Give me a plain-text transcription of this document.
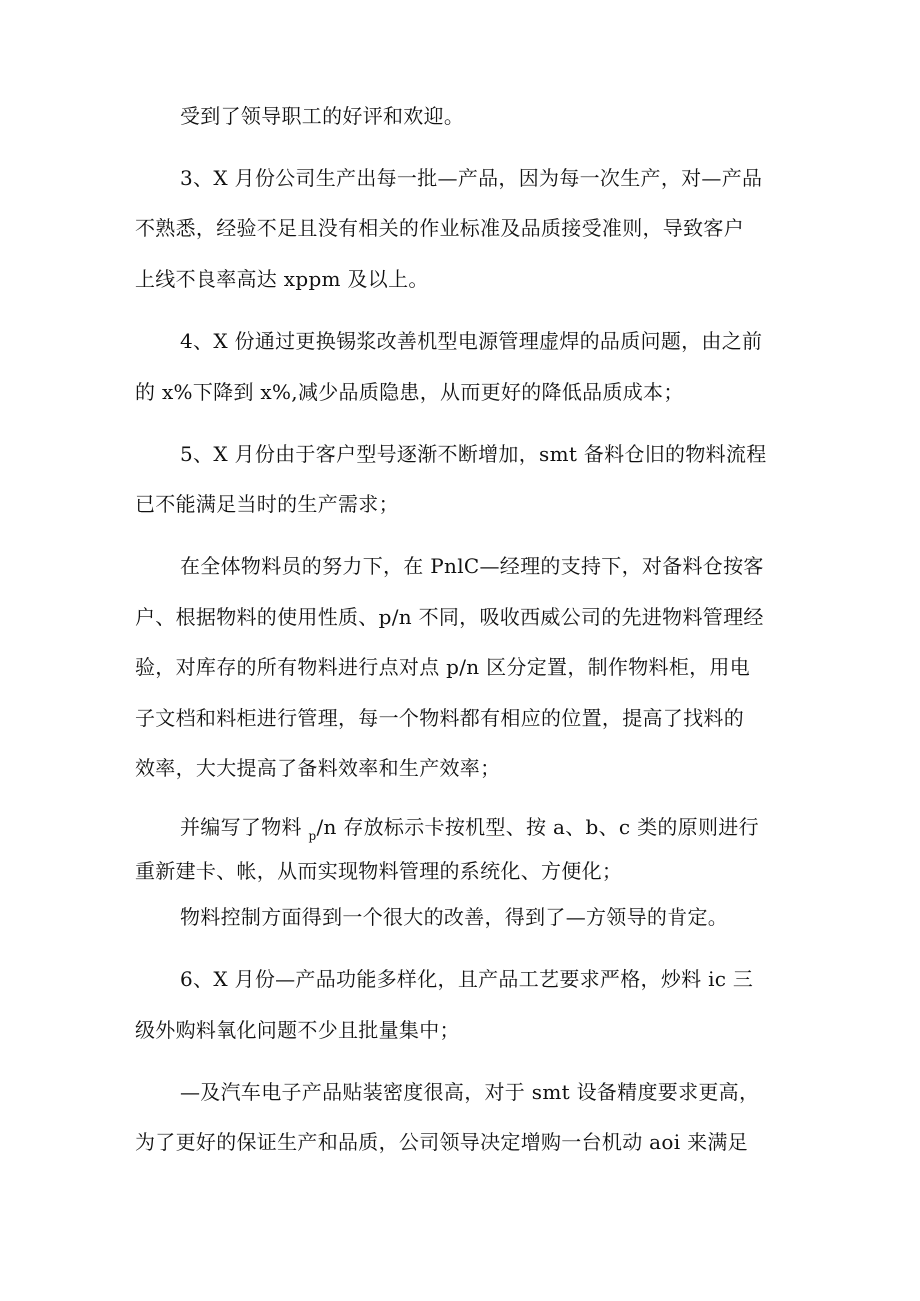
受到了领导职工的好评和欢迎。
3、X 月份公司生产出每一批—产品，因为每一次生产，对—产品
不熟悉，经验不足且没有相关的作业标准及品质接受准则，导致客户
上线不良率高达 xppm 及以上。
4、X 份通过更换锡浆改善机型电源管理虚焊的品质问题，由之前
的 x%下降到 x%,减少品质隐患，从而更好的降低品质成本；
5、X 月份由于客户型号逐渐不断增加，smt 备料仓旧的物料流程
已不能满足当时的生产需求；
在全体物料员的努力下，在 PnlC—经理的支持下，对备料仓按客
户、根据物料的使用性质、p/n 不同，吸收西威公司的先进物料管理经
验，对库存的所有物料进行点对点 p/n 区分定置，制作物料柜，用电
子文档和料柜进行管理，每一个物料都有相应的位置，提高了找料的
效率，大大提高了备料效率和生产效率；
并编写了物料 $_p$/n 存放标示卡按机型、按 a、b、c 类的原则进行
重新建卡、帐，从而实现物料管理的系统化、方便化；
物料控制方面得到一个很大的改善，得到了—方领导的肯定。
6、X 月份—产品功能多样化，且产品工艺要求严格，炒料 ic 三
级外购料氧化问题不少且批量集中；
—及汽车电子产品贴装密度很高，对于 smt 设备精度要求更高，
为了更好的保证生产和品质，公司领导决定增购一台机动 aoi 来满足
